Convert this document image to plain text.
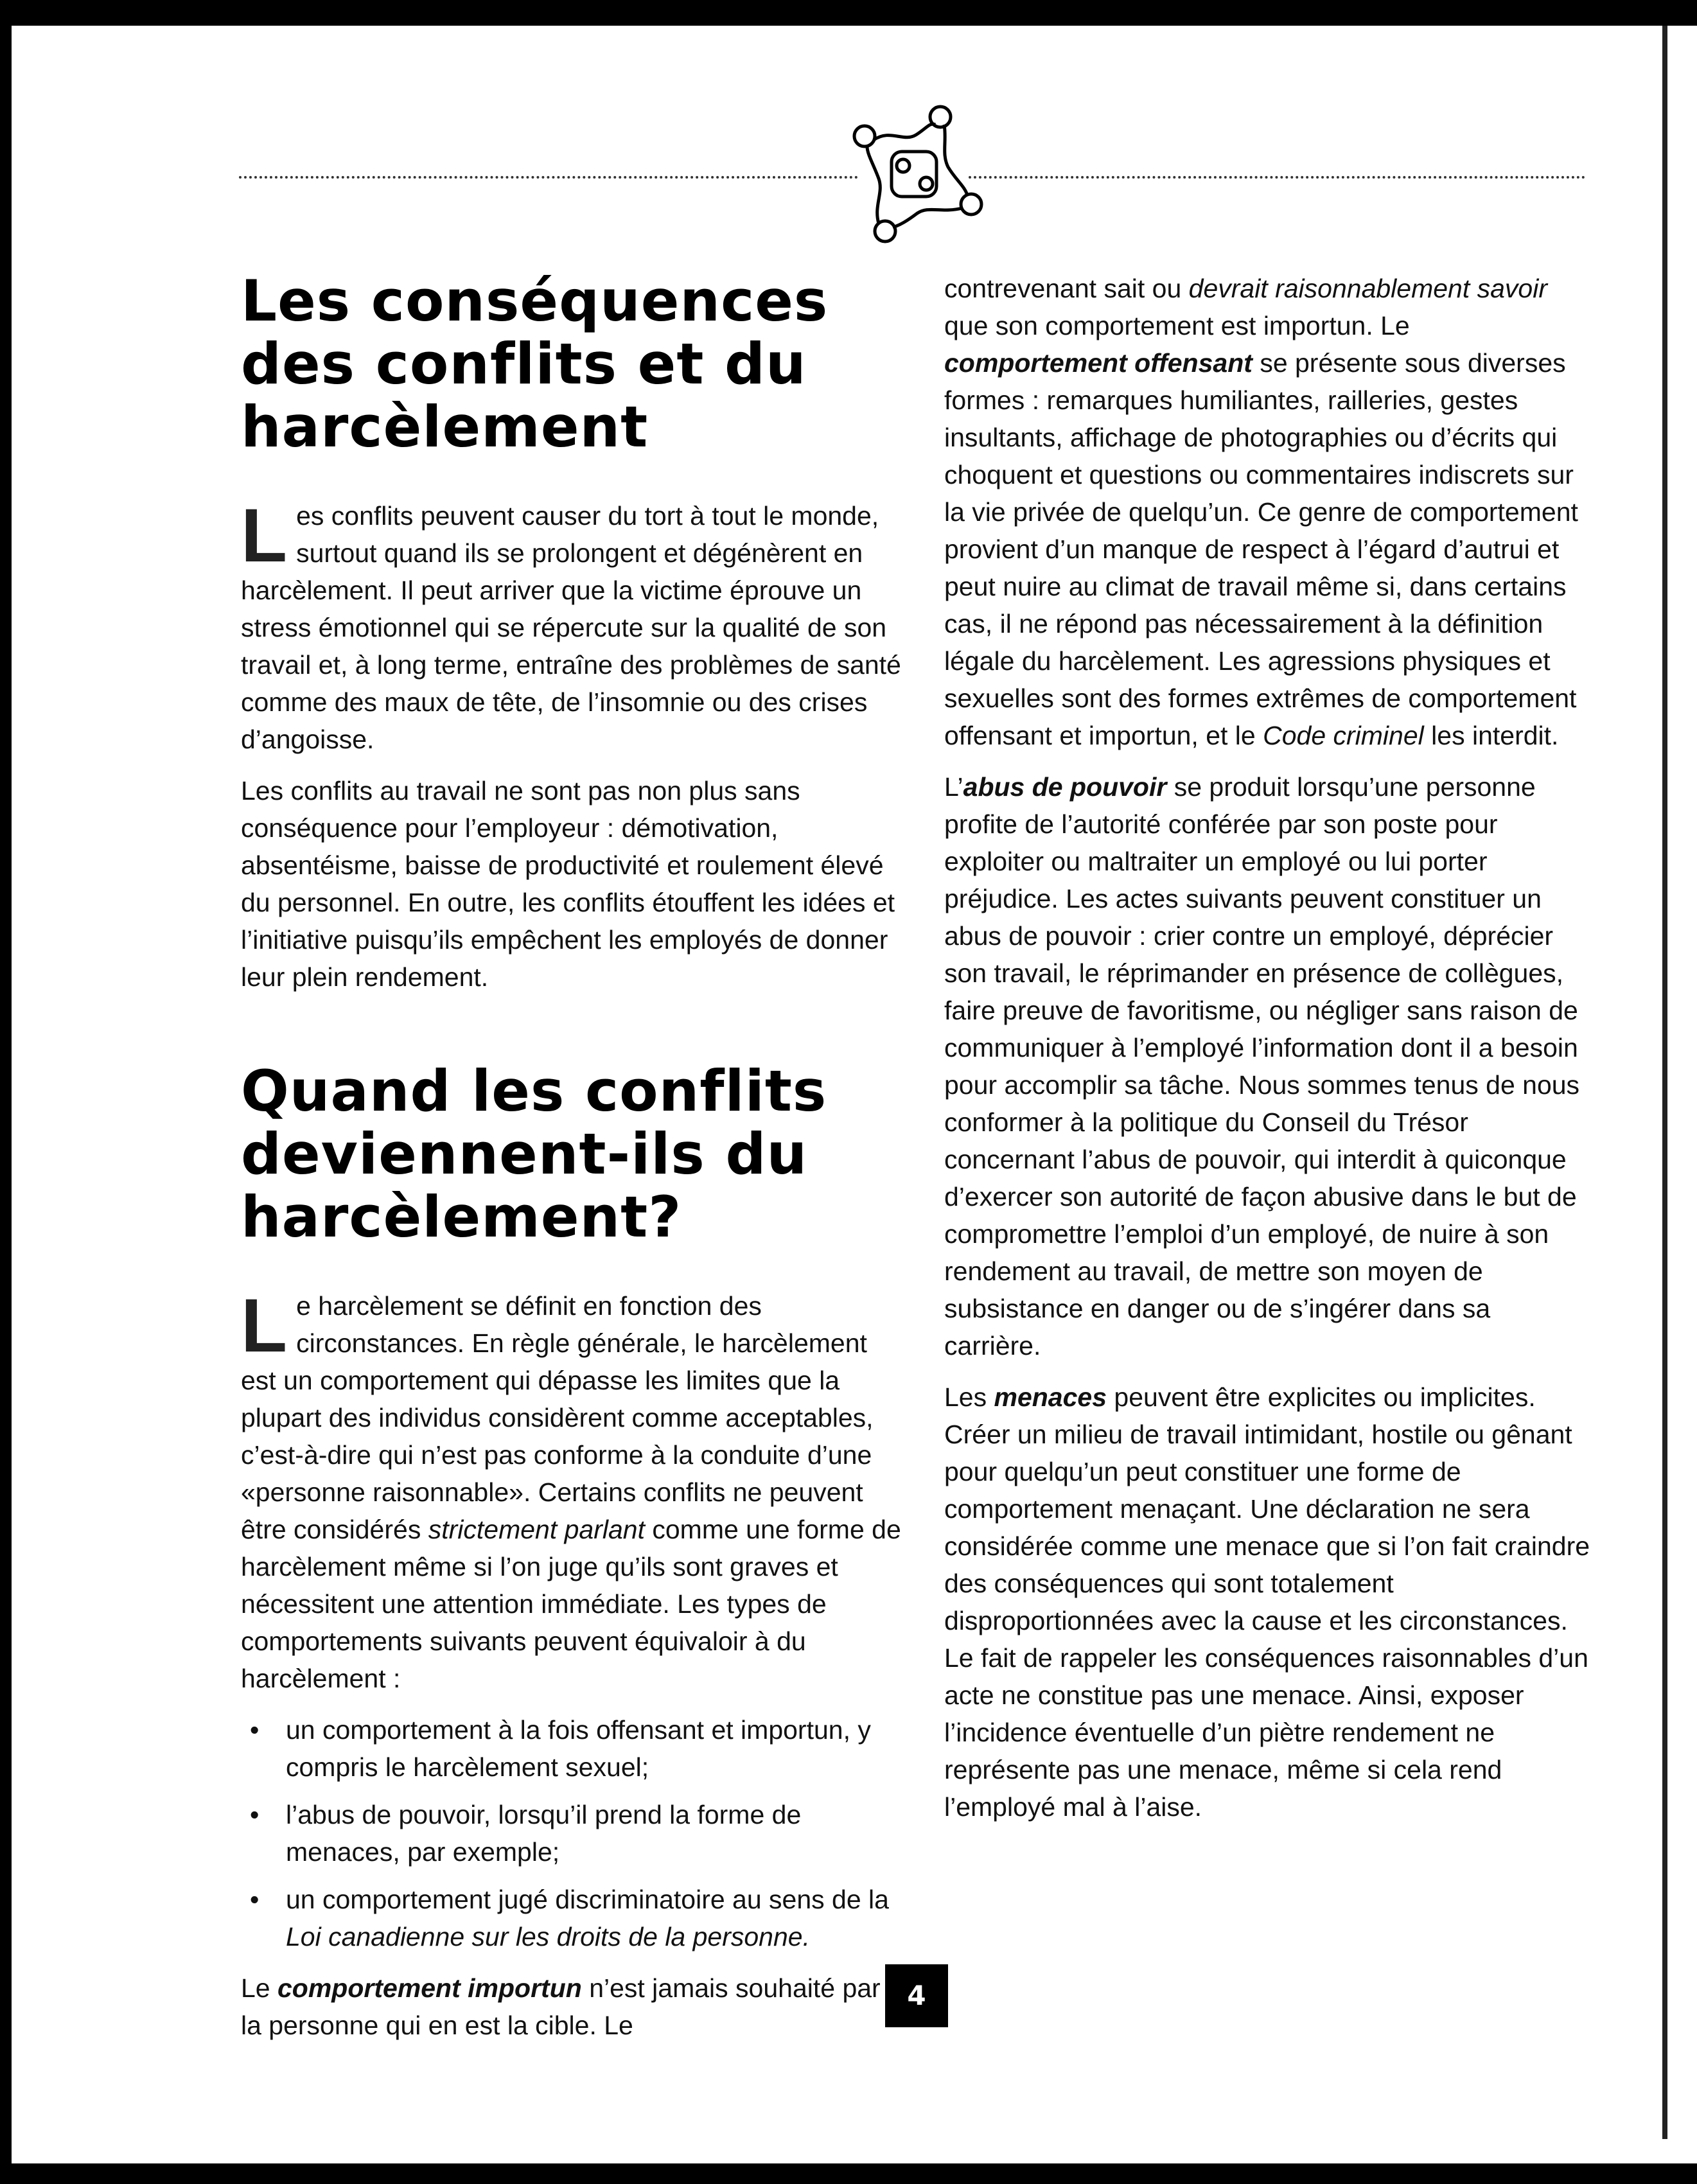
Les conséquences des conflits et du harcèlement

Les conflits peuvent causer du tort à tout le monde, surtout quand ils se prolongent et dégénèrent en harcèlement. Il peut arriver que la victime éprouve un stress émotionnel qui se répercute sur la qualité de son travail et, à long terme, entraîne des problèmes de santé comme des maux de tête, de l’insomnie ou des crises d’angoisse.

Les conflits au travail ne sont pas non plus sans conséquence pour l’employeur : démotivation, absentéisme, baisse de productivité et roulement élevé du personnel. En outre, les conflits étouffent les idées et l’initiative puisqu’ils empêchent les employés de donner leur plein rendement.

Quand les conflits deviennent-ils du harcèlement?

Le harcèlement se définit en fonction des circonstances. En règle générale, le harcèlement est un comportement qui dépasse les limites que la plupart des individus considèrent comme acceptables, c’est-à-dire qui n’est pas conforme à la conduite d’une «personne raisonnable». Certains conflits ne peuvent être considérés strictement parlant comme une forme de harcèlement même si l’on juge qu’ils sont graves et nécessitent une attention immédiate. Les types de comportements suivants peuvent équivaloir à du harcèlement :

• un comportement à la fois offensant et importun, y compris le harcèlement sexuel;
• l’abus de pouvoir, lorsqu’il prend la forme de menaces, par exemple;
• un comportement jugé discriminatoire au sens de la Loi canadienne sur les droits de la personne.

Le comportement importun n’est jamais souhaité par la personne qui en est la cible. Le

contrevenant sait ou devrait raisonnablement savoir que son comportement est importun. Le comportement offensant se présente sous diverses formes : remarques humiliantes, railleries, gestes insultants, affichage de photographies ou d’écrits qui choquent et questions ou commentaires indiscrets sur la vie privée de quelqu’un. Ce genre de comportement provient d’un manque de respect à l’égard d’autrui et peut nuire au climat de travail même si, dans certains cas, il ne répond pas nécessairement à la définition légale du harcèlement. Les agressions physiques et sexuelles sont des formes extrêmes de comportement offensant et importun, et le Code criminel les interdit.

L’abus de pouvoir se produit lorsqu’une personne profite de l’autorité conférée par son poste pour exploiter ou maltraiter un employé ou lui porter préjudice. Les actes suivants peuvent constituer un abus de pouvoir : crier contre un employé, déprécier son travail, le réprimander en présence de collègues, faire preuve de favoritisme, ou négliger sans raison de communiquer à l’employé l’information dont il a besoin pour accomplir sa tâche. Nous sommes tenus de nous conformer à la politique du Conseil du Trésor concernant l’abus de pouvoir, qui interdit à quiconque d’exercer son autorité de façon abusive dans le but de compromettre l’emploi d’un employé, de nuire à son rendement au travail, de mettre son moyen de subsistance en danger ou de s’ingérer dans sa carrière.

Les menaces peuvent être explicites ou implicites. Créer un milieu de travail intimidant, hostile ou gênant pour quelqu’un peut constituer une forme de comportement menaçant. Une déclaration ne sera considérée comme une menace que si l’on fait craindre des conséquences qui sont totalement disproportionnées avec la cause et les circonstances. Le fait de rappeler les conséquences raisonnables d’un acte ne constitue pas une menace. Ainsi, exposer l’incidence éventuelle d’un piètre rendement ne représente pas une menace, même si cela rend l’employé mal à l’aise.

4
